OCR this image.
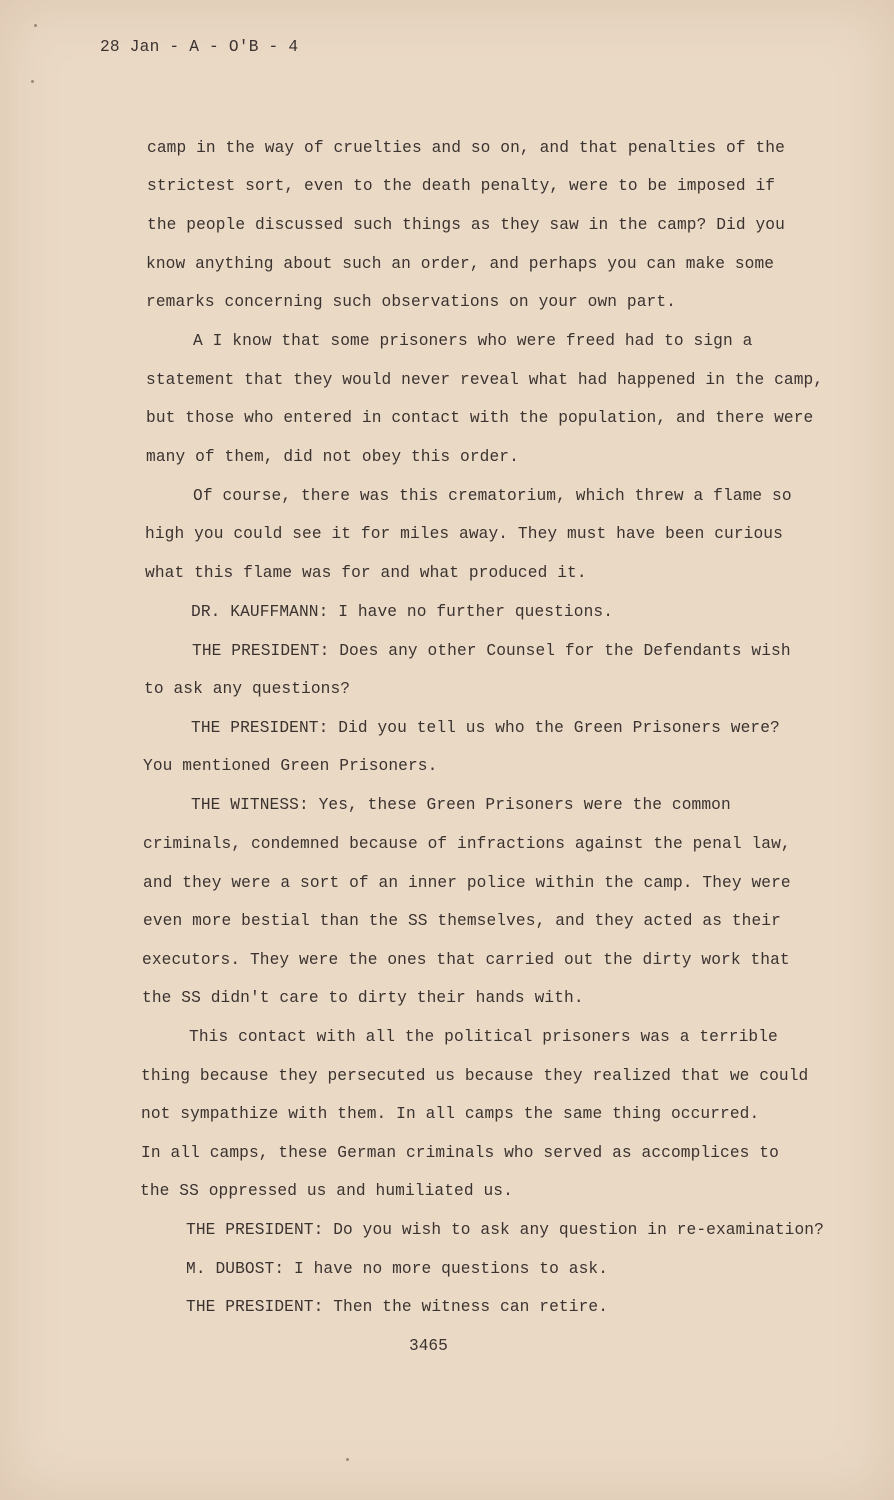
28 Jan - A - O'B - 4
camp in the way of cruelties and so on, and that penalties of the
strictest sort, even to the death penalty, were to be imposed if
the people discussed such things as they saw in the camp? Did you
know anything about such an order, and perhaps you can make some
remarks concerning such observations on your own part.
A I know that some prisoners who were freed had to sign a
statement that they would never reveal what had happened in the camp,
but those who entered in contact with the population, and there were
many of them, did not obey this order.
Of course, there was this crematorium, which threw a flame so
high you could see it for miles away. They must have been curious
what this flame was for and what produced it.
DR. KAUFFMANN: I have no further questions.
THE PRESIDENT: Does any other Counsel for the Defendants wish
to ask any questions?
THE PRESIDENT: Did you tell us who the Green Prisoners were?
You mentioned Green Prisoners.
THE WITNESS: Yes, these Green Prisoners were the common
criminals, condemned because of infractions against the penal law,
and they were a sort of an inner police within the camp. They were
even more bestial than the SS themselves, and they acted as their
executors. They were the ones that carried out the dirty work that
the SS didn't care to dirty their hands with.
This contact with all the political prisoners was a terrible
thing because they persecuted us because they realized that we could
not sympathize with them. In all camps the same thing occurred.
In all camps, these German criminals who served as accomplices to
the SS oppressed us and humiliated us.
THE PRESIDENT: Do you wish to ask any question in re-examination?
M. DUBOST: I have no more questions to ask.
THE PRESIDENT: Then the witness can retire.
3465
